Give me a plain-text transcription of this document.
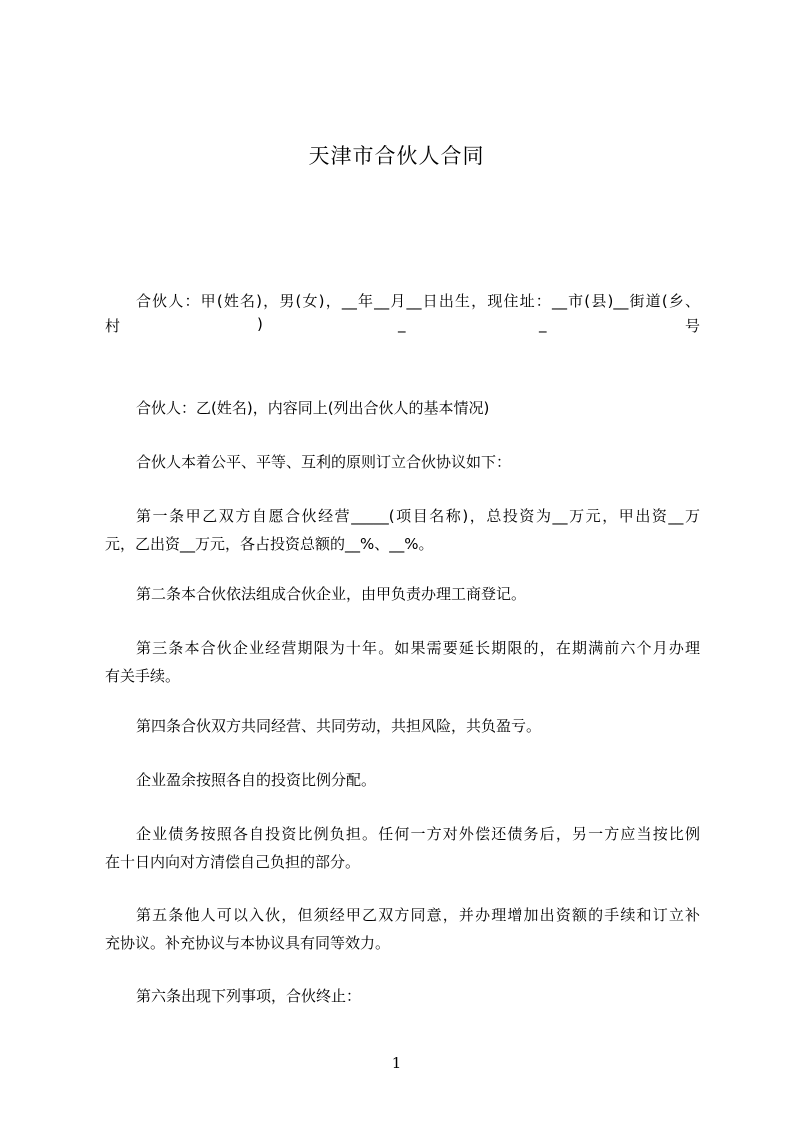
天津市合伙人合同
合伙人：甲(姓名)，男(女)，__年__月__日出生，现住址：__市(县)__街道(乡、
村	)	_	_	号
合伙人：乙(姓名)，内容同上(列出合伙人的基本情况)
合伙人本着公平、平等、互利的原则订立合伙协议如下：
第一条甲乙双方自愿合伙经营_____(项目名称)，总投资为__万元，甲出资__万
元，乙出资__万元，各占投资总额的__%、__%。
第二条本合伙依法组成合伙企业，由甲负责办理工商登记。
第三条本合伙企业经营期限为十年。如果需要延长期限的，在期满前六个月办理
有关手续。
第四条合伙双方共同经营、共同劳动，共担风险，共负盈亏。
企业盈余按照各自的投资比例分配。
企业债务按照各自投资比例负担。任何一方对外偿还债务后，另一方应当按比例
在十日内向对方清偿自己负担的部分。
第五条他人可以入伙，但须经甲乙双方同意，并办理增加出资额的手续和订立补
充协议。补充协议与本协议具有同等效力。
第六条出现下列事项，合伙终止：
1
